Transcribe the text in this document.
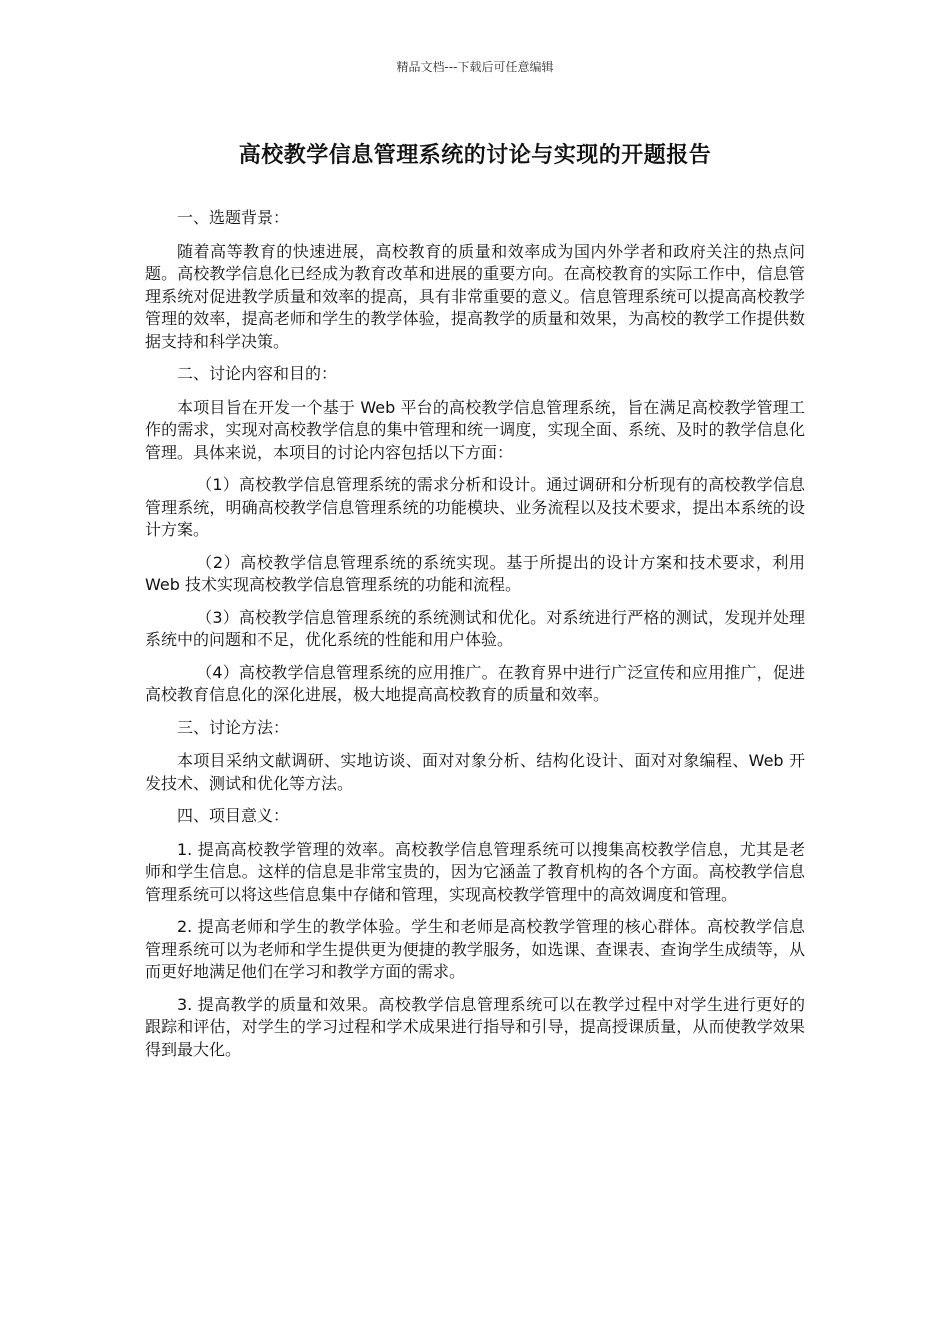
精品文档---下载后可任意编辑
高校教学信息管理系统的讨论与实现的开题报告

一、选题背景：

随着高等教育的快速进展，高校教育的质量和效率成为国内外学者和政府关注的热点问题。高校教学信息化已经成为教育改革和进展的重要方向。在高校教育的实际工作中，信息管理系统对促进教学质量和效率的提高，具有非常重要的意义。信息管理系统可以提高高校教学管理的效率，提高老师和学生的教学体验，提高教学的质量和效果，为高校的教学工作提供数据支持和科学决策。

二、讨论内容和目的：

本项目旨在开发一个基于 Web 平台的高校教学信息管理系统，旨在满足高校教学管理工作的需求，实现对高校教学信息的集中管理和统一调度，实现全面、系统、及时的教学信息化管理。具体来说，本项目的讨论内容包括以下方面：

（1）高校教学信息管理系统的需求分析和设计。通过调研和分析现有的高校教学信息管理系统，明确高校教学信息管理系统的功能模块、业务流程以及技术要求，提出本系统的设计方案。

（2）高校教学信息管理系统的系统实现。基于所提出的设计方案和技术要求，利用 Web 技术实现高校教学信息管理系统的功能和流程。

（3）高校教学信息管理系统的系统测试和优化。对系统进行严格的测试，发现并处理系统中的问题和不足，优化系统的性能和用户体验。

（4）高校教学信息管理系统的应用推广。在教育界中进行广泛宣传和应用推广，促进高校教育信息化的深化进展，极大地提高高校教育的质量和效率。

三、讨论方法：

本项目采纳文献调研、实地访谈、面对对象分析、结构化设计、面对对象编程、Web 开发技术、测试和优化等方法。

四、项目意义：

1. 提高高校教学管理的效率。高校教学信息管理系统可以搜集高校教学信息，尤其是老师和学生信息。这样的信息是非常宝贵的，因为它涵盖了教育机构的各个方面。高校教学信息管理系统可以将这些信息集中存储和管理，实现高校教学管理中的高效调度和管理。

2. 提高老师和学生的教学体验。学生和老师是高校教学管理的核心群体。高校教学信息管理系统可以为老师和学生提供更为便捷的教学服务，如选课、查课表、查询学生成绩等，从而更好地满足他们在学习和教学方面的需求。

3. 提高教学的质量和效果。高校教学信息管理系统可以在教学过程中对学生进行更好的跟踪和评估，对学生的学习过程和学术成果进行指导和引导，提高授课质量，从而使教学效果得到最大化。
